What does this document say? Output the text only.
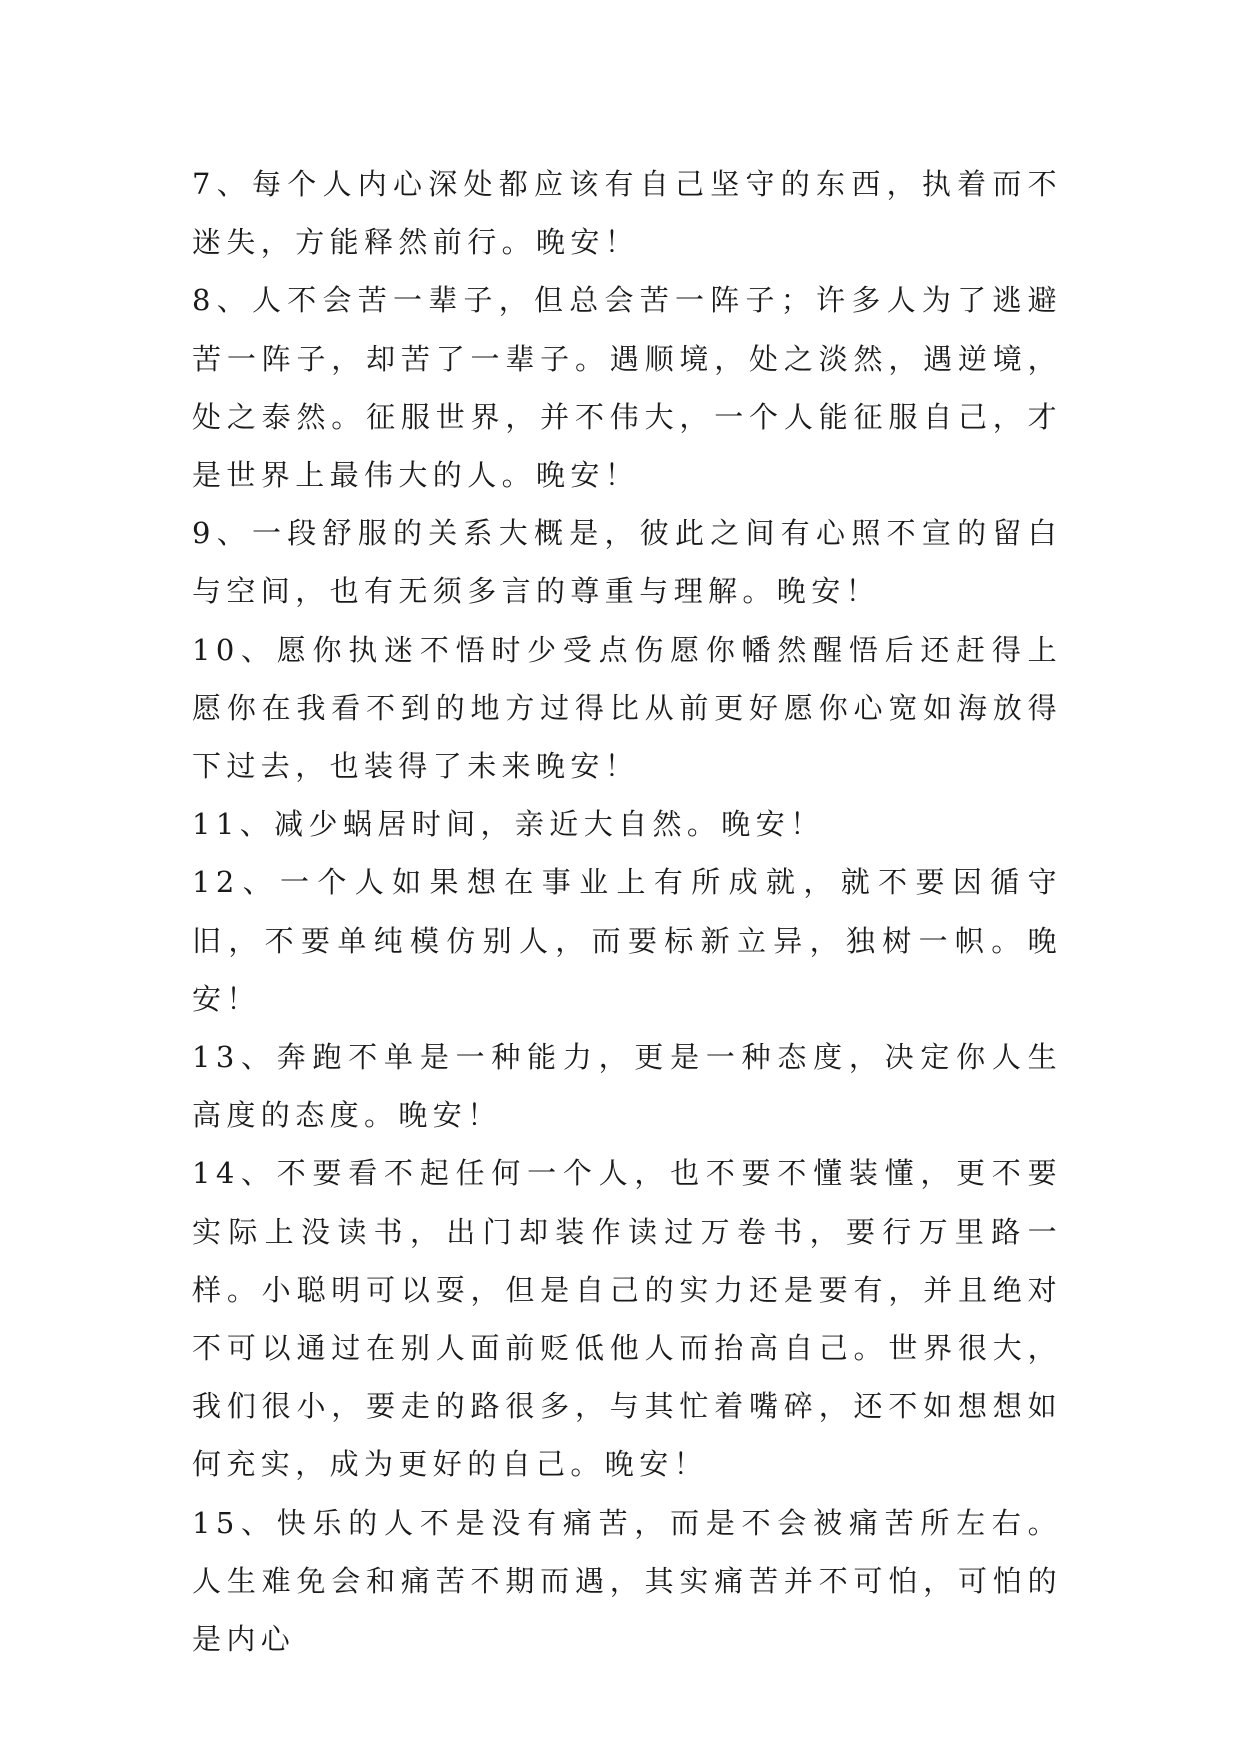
7、每个人内心深处都应该有自己坚守的东西，执着而不迷失，方能释然前行。晚安！

8、人不会苦一辈子，但总会苦一阵子；许多人为了逃避苦一阵子，却苦了一辈子。遇顺境，处之淡然，遇逆境，处之泰然。征服世界，并不伟大，一个人能征服自己，才是世界上最伟大的人。晚安！

9、一段舒服的关系大概是，彼此之间有心照不宣的留白与空间，也有无须多言的尊重与理解。晚安！

10、愿你执迷不悟时少受点伤愿你幡然醒悟后还赶得上愿你在我看不到的地方过得比从前更好愿你心宽如海放得下过去，也装得了未来晚安！

11、减少蜗居时间，亲近大自然。晚安！

12、一个人如果想在事业上有所成就，就不要因循守旧，不要单纯模仿别人，而要标新立异，独树一帜。晚安！

13、奔跑不单是一种能力，更是一种态度，决定你人生高度的态度。晚安！

14、不要看不起任何一个人，也不要不懂装懂，更不要实际上没读书，出门却装作读过万卷书，要行万里路一样。小聪明可以耍，但是自己的实力还是要有，并且绝对不可以通过在别人面前贬低他人而抬高自己。世界很大，我们很小，要走的路很多，与其忙着嘴碎，还不如想想如何充实，成为更好的自己。晚安！

15、快乐的人不是没有痛苦，而是不会被痛苦所左右。人生难免会和痛苦不期而遇，其实痛苦并不可怕，可怕的是内心
